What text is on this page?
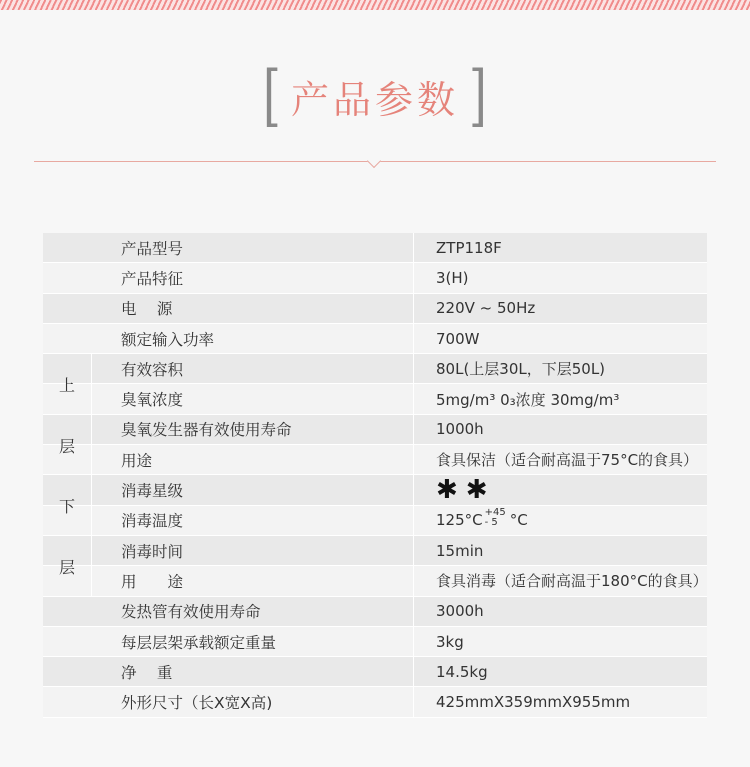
[ 产品参数 ]
上
层
下
层
产品型号	ZTP118F
产品特征	3(H)
电　 源	220V ~ 50Hz
额定输入功率	700W
有效容积	80L(上层30L，下层50L)
臭氧浓度	5mg/m³ 0₃浓度 30mg/m³
臭氧发生器有效使用寿命	1000h
用途	食具保洁（适合耐高温于75°C的食具）
消毒星级	✱✱
消毒温度	125°C +45
- 5 °C
消毒时间	15min
用　　途	食具消毒（适合耐高温于180°C的食具）
发热管有效使用寿命	3000h
每层层架承载额定重量	3kg
净　 重	14.5kg
外形尺寸（长X宽X高)	425mmX359mmX955mm
